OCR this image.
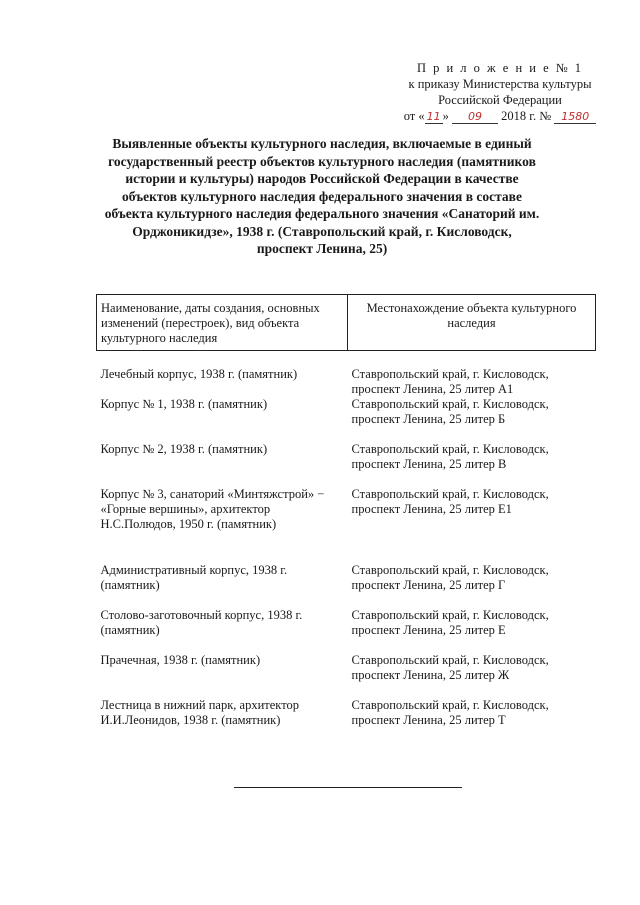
П р и л о ж е н и е № 1
к приказу Министерства культуры
Российской Федерации
от « 11 » 09 2018 г. № 1580
Выявленные объекты культурного наследия, включаемые в единый
государственный реестр объектов культурного наследия (памятников
истории и культуры) народов Российской Федерации в качестве
объектов культурного наследия федерального значения в составе
объекта культурного наследия федерального значения «Санаторий им.
Орджоникидзе», 1938 г. (Ставропольский край, г. Кисловодск,
проспект Ленина, 25)
Наименование, даты создания, основных изменений (перестроек), вид объекта культурного наследия	Местонахождение объекта культурного наследия
Лечебный корпус, 1938 г. (памятник)	Ставропольский край, г. Кисловодск, проспект Ленина, 25 литер А1
Корпус № 1, 1938 г. (памятник)	Ставропольский край, г. Кисловодск, проспект Ленина, 25 литер Б
Корпус № 2, 1938 г. (памятник)	Ставропольский край, г. Кисловодск, проспект Ленина, 25 литер В
Корпус № 3, санаторий «Минтяжстрой» − «Горные вершины», архитектор Н.С.Полюдов, 1950 г. (памятник)	Ставропольский край, г. Кисловодск, проспект Ленина, 25 литер Е1
Административный корпус, 1938 г. (памятник)	Ставропольский край, г. Кисловодск, проспект Ленина, 25 литер Г
Столово-заготовочный корпус, 1938 г. (памятник)	Ставропольский край, г. Кисловодск, проспект Ленина, 25 литер Е
Прачечная, 1938 г. (памятник)	Ставропольский край, г. Кисловодск, проспект Ленина, 25 литер Ж
Лестница в нижний парк, архитектор И.И.Леонидов, 1938 г. (памятник)	Ставропольский край, г. Кисловодск, проспект Ленина, 25 литер Т
